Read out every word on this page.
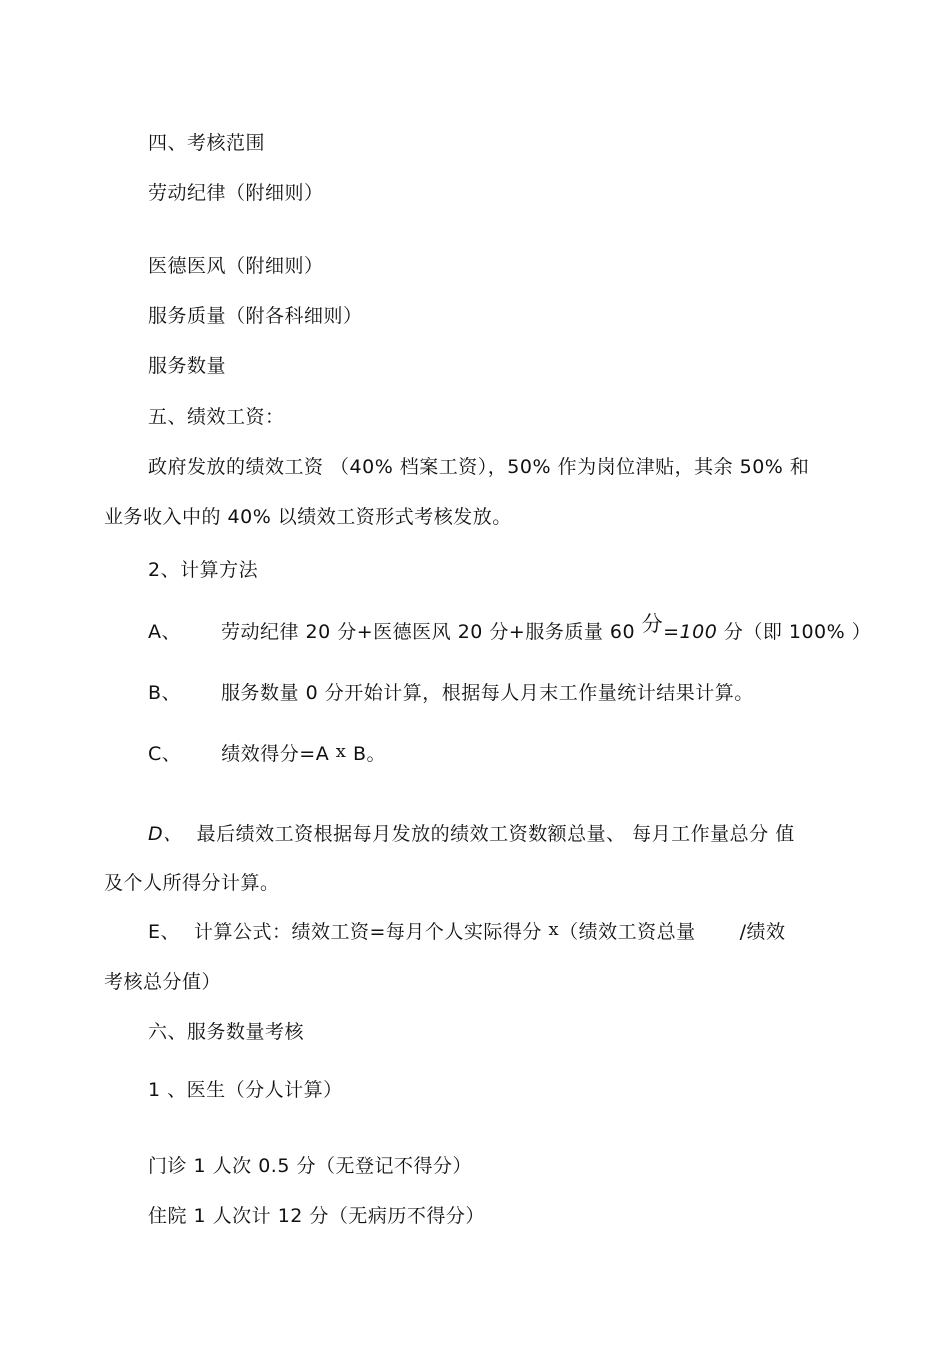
四、考核范围
劳动纪律（附细则）
医德医风（附细则）
服务质量（附各科细则）
服务数量
五、绩效工资：
政府发放的绩效工资 （40% 档案工资），50% 作为岗位津贴，其余 50% 和
业务收入中的 40% 以绩效工资形式考核发放。
2、计算方法
A、 劳动纪律 20 分+医德医风 20 分+服务质量 60 分=100 分（即 100% ）
B、 服务数量 0 分开始计算，根据每人月末工作量统计结果计算。
C、 绩效得分=A x B。
D、 最后绩效工资根据每月发放的绩效工资数额总量、 每月工作量总分 值
及个人所得分计算。
E、 计算公式：绩效工资=每月个人实际得分 x（绩效工资总量 /绩效
考核总分值）
六、服务数量考核
1 、医生（分人计算）
门诊 1 人次 0.5 分（无登记不得分）
住院 1 人次计 12 分（无病历不得分）
